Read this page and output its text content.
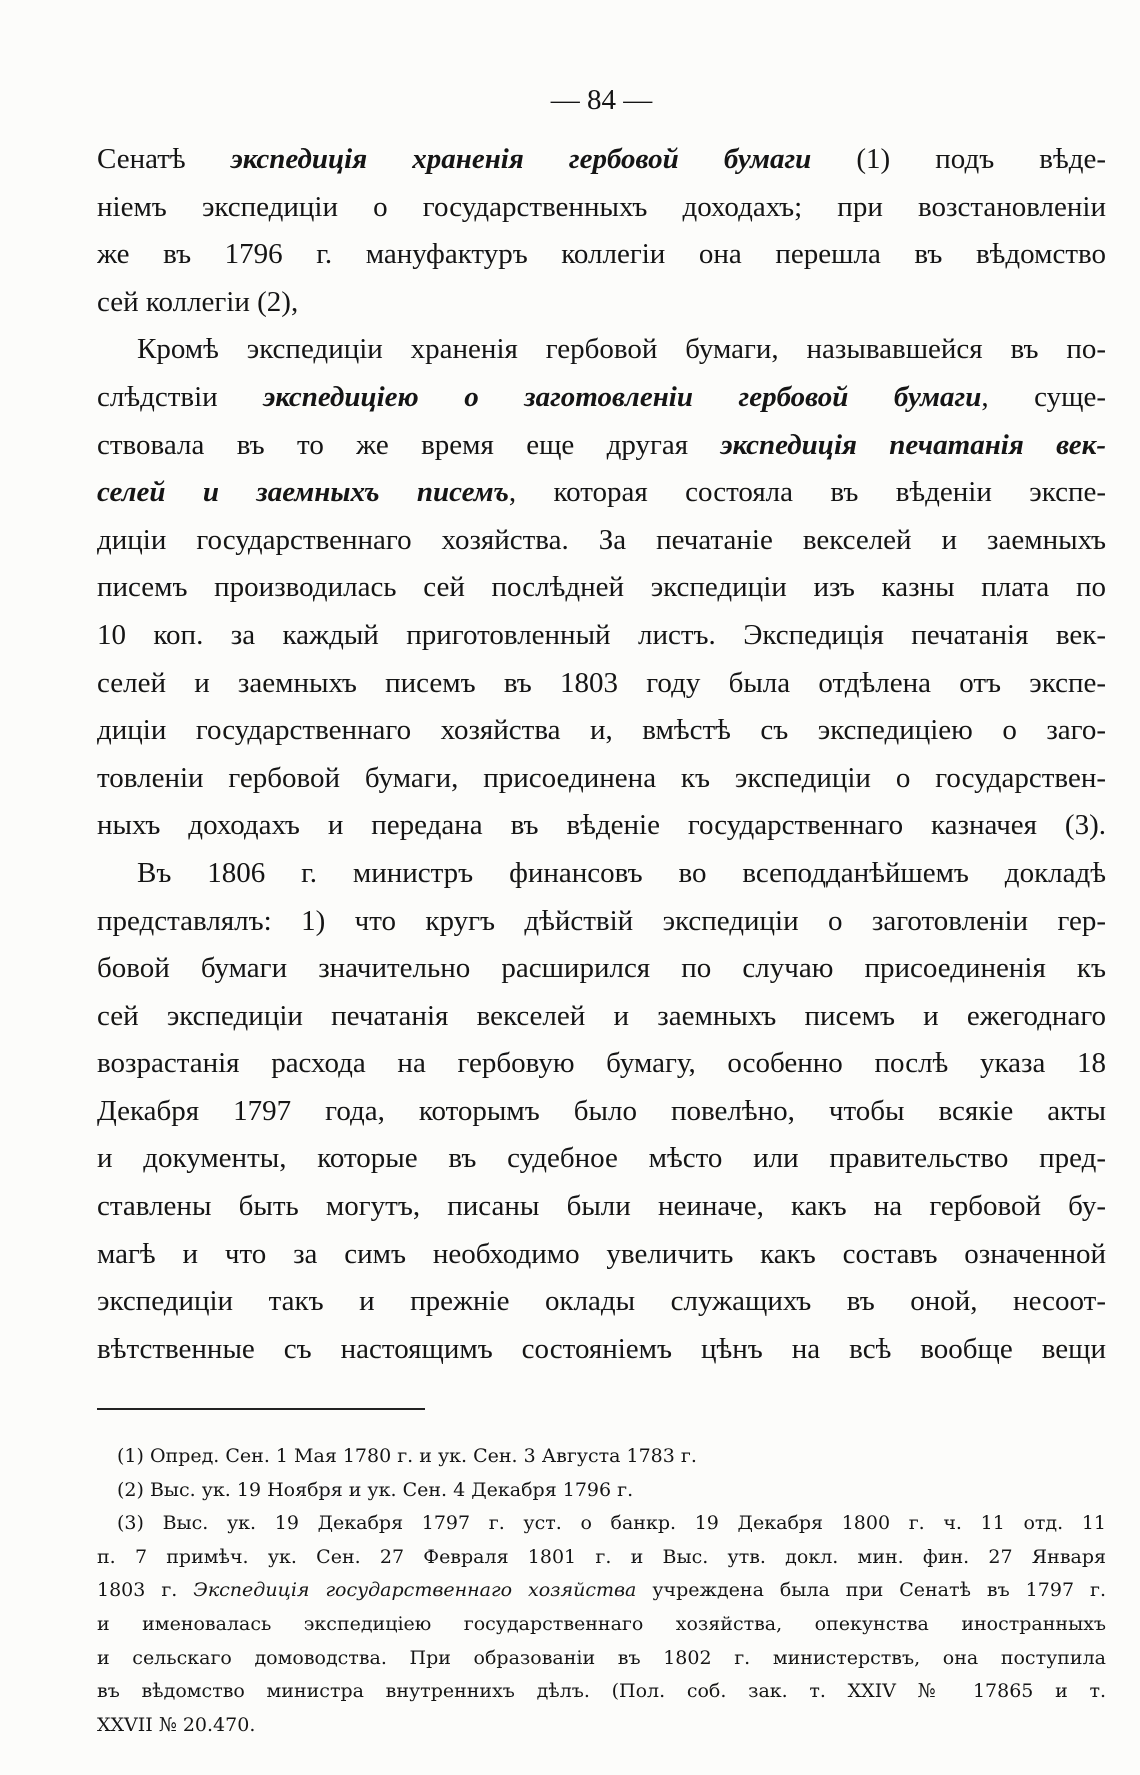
— 84 —
Сенатѣ экспедиція храненія гербовой бумаги (1) подъ вѣде-
ніемъ экспедиціи о государственныхъ доходахъ; при возстановленіи
же въ 1796 г. мануфактуръ коллегіи она перешла въ вѣдомство
сей коллегіи (2),
Кромѣ экспедиціи храненія гербовой бумаги, называвшейся въ по-
слѣдствіи экспедиціею о заготовленіи гербовой бумаги, суще-
ствовала въ то же время еще другая экспедиція печатанія век-
селей и заемныхъ писемъ, которая состояла въ вѣденіи экспе-
диціи государственнаго хозяйства. За печатаніе векселей и заемныхъ
писемъ производилась сей послѣдней экспедиціи изъ казны плата по
10 коп. за каждый приготовленный листъ. Экспедиція печатанія век-
селей и заемныхъ писемъ въ 1803 году была отдѣлена отъ экспе-
диціи государственнаго хозяйства и, вмѣстѣ съ экспедиціею о заго-
товленіи гербовой бумаги, присоединена къ экспедиціи о государствен-
ныхъ доходахъ и передана въ вѣденіе государственнаго казначея (3).
Въ 1806 г. министръ финансовъ во всеподданѣйшемъ докладѣ
представлялъ: 1) что кругъ дѣйствій экспедиціи о заготовленіи гер-
бовой бумаги значительно расширился по случаю присоединенія къ
сей экспедиціи печатанія векселей и заемныхъ писемъ и ежегоднаго
возрастанія расхода на гербовую бумагу, особенно послѣ указа 18
Декабря 1797 года, которымъ было повелѣно, чтобы всякіе акты
и документы, которые въ судебное мѣсто или правительство пред-
ставлены быть могутъ, писаны были неиначе, какъ на гербовой бу-
магѣ и что за симъ необходимо увеличить какъ составъ означенной
экспедиціи такъ и прежніе оклады служащихъ въ оной, несоот-
вѣтственные съ настоящимъ состояніемъ цѣнъ на всѣ вообще вещи
(1) Опред. Сен. 1 Мая 1780 г. и ук. Сен. 3 Августа 1783 г.
(2) Выс. ук. 19 Ноября и ук. Сен. 4 Декабря 1796 г.
(3) Выс. ук. 19 Декабря 1797 г. уст. о банкр. 19 Декабря 1800 г. ч. 11 отд. 11
п. 7 примѣч. ук. Сен. 27 Февраля 1801 г. и Выс. утв. докл. мин. фин. 27 Января
1803 г. Экспедиція государственнаго хозяйства учреждена была при Сенатѣ въ 1797 г.
и именовалась экспедиціею государственнаго хозяйства, опекунства иностранныхъ
и сельскаго домоводства. При образованіи въ 1802 г. министерствъ, она поступила
въ вѣдомство министра внутреннихъ дѣлъ. (Пол. соб. зак. т. XXIV № 17865 и т.
XXVII № 20.470.
